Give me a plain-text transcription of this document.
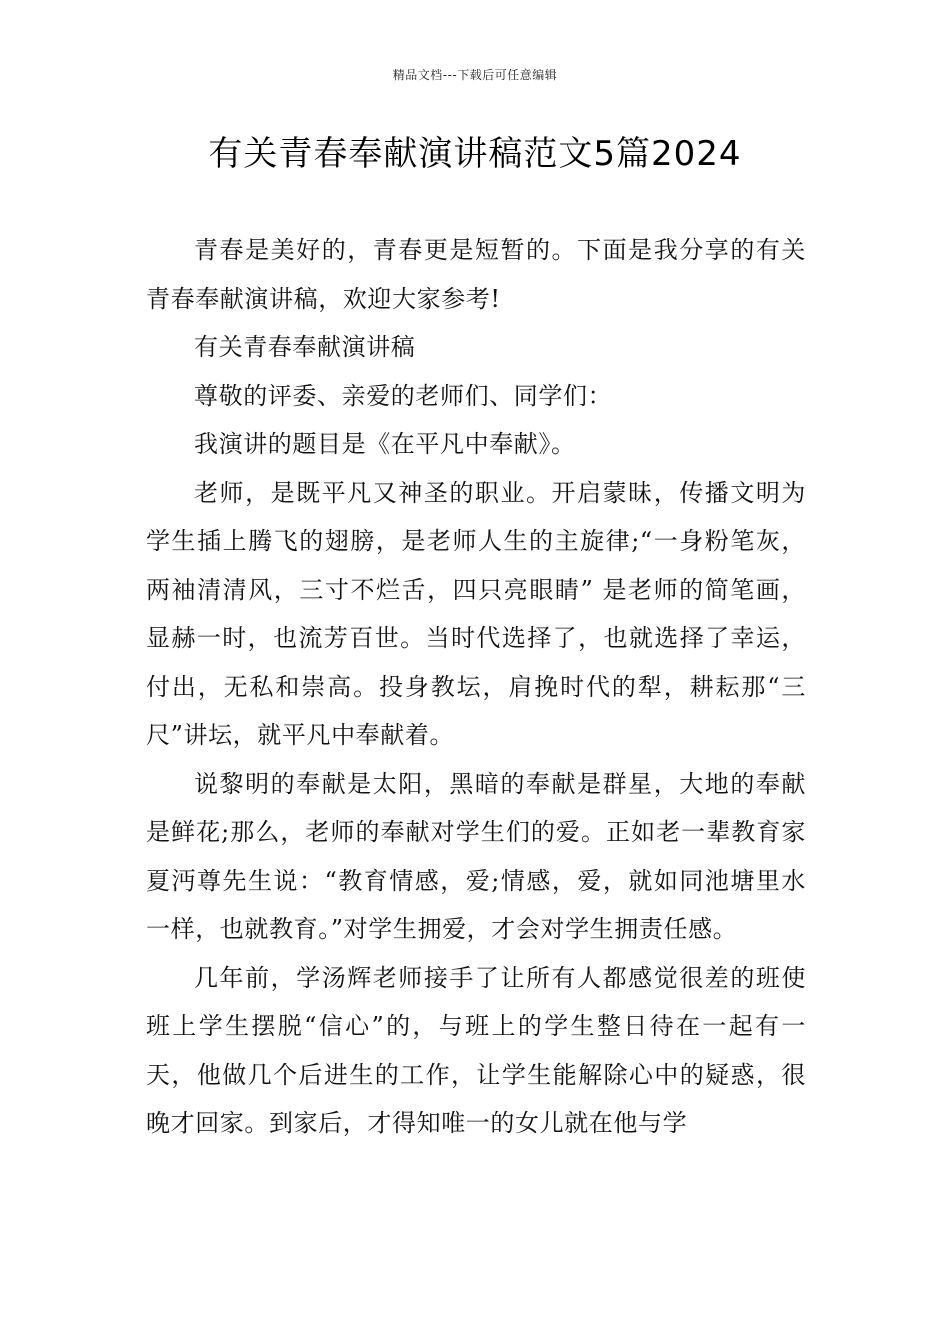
精品文档---下载后可任意编辑
有关青春奉献演讲稿范文5篇2024

青春是美好的，青春更是短暂的。下面是我分享的有关青春奉献演讲稿，欢迎大家参考!

有关青春奉献演讲稿

尊敬的评委、亲爱的老师们、同学们：

我演讲的题目是《在平凡中奉献》。

老师，是既平凡又神圣的职业。开启蒙昧，传播文明为学生插上腾飞的翅膀，是老师人生的主旋律;“一身粉笔灰，两袖清清风，三寸不烂舌，四只亮眼睛” 是老师的简笔画，显赫一时，也流芳百世。当时代选择了，也就选择了幸运，付出，无私和崇高。投身教坛，肩挽时代的犁，耕耘那“三尺”讲坛，就平凡中奉献着。

说黎明的奉献是太阳，黑暗的奉献是群星，大地的奉献是鲜花;那么，老师的奉献对学生们的爱。正如老一辈教育家夏沔尊先生说：“教育情感，爱;情感，爱，就如同池塘里水一样，也就教育。”对学生拥爱，才会对学生拥责任感。

几年前，学汤辉老师接手了让所有人都感觉很差的班使班上学生摆脱“信心”的，与班上的学生整日待在一起有一天，他做几个后进生的工作，让学生能解除心中的疑惑，很晚才回家。到家后，才得知唯一的女儿就在他与学
